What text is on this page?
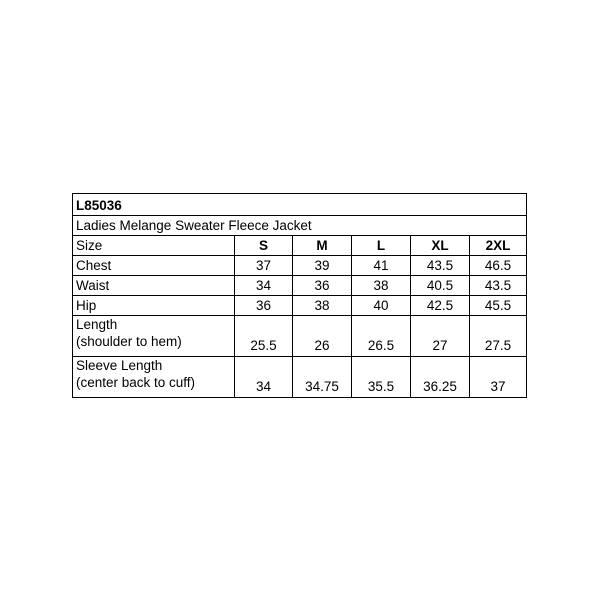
L85036					
Ladies Melange Sweater Fleece Jacket					
Size	S	M	L	XL	2XL
Chest	37	39	41	43.5	46.5
Waist	34	36	38	40.5	43.5
Hip	36	38	40	42.5	45.5

Length
(shoulder to hem)	25.5	26	26.5	27	27.5

Sleeve Length
(center back to cuff)	34	34.75	35.5	36.25	37
